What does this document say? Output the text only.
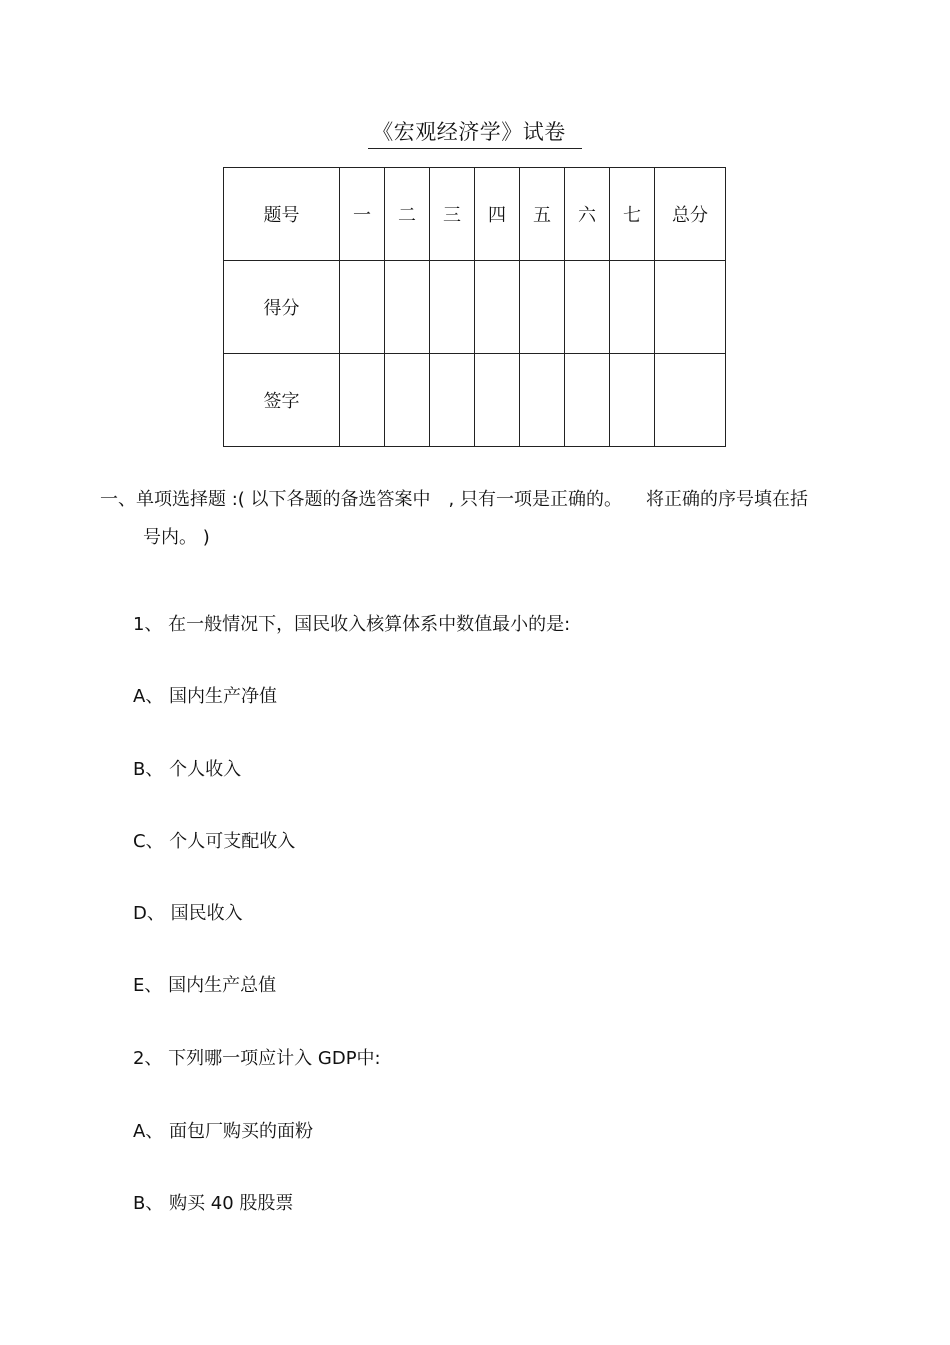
《宏观经济学》试卷
题号	一	二	三	四	五	六	七	总分
得分								
签字								
一、单项选择题 :( 以下各题的备选答案中 , 只有一项是正确的。 将正确的序号填在括
号内。 )
1、 在一般情况下，国民收入核算体系中数值最小的是:
A、 国内生产净值
B、 个人收入
C、 个人可支配收入
D、 国民收入
E、 国内生产总值
2、 下列哪一项应计入 GDP中:
A、 面包厂购买的面粉
B、 购买 40 股股票
